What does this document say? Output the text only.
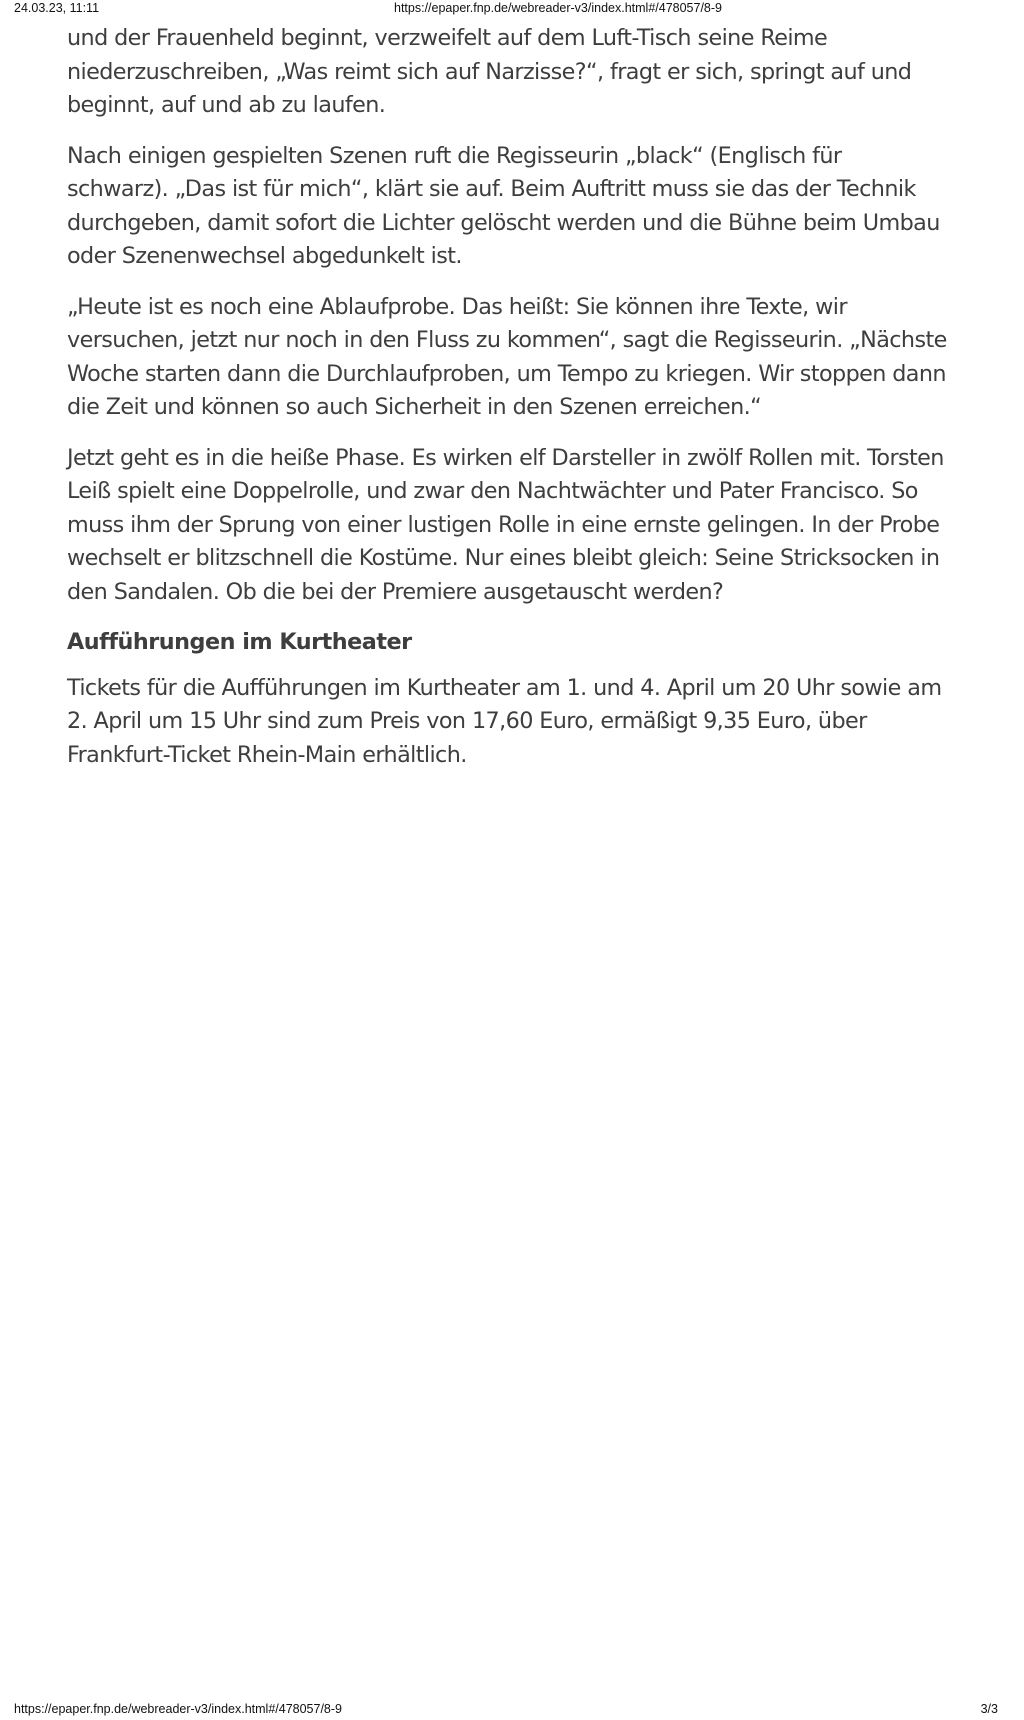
24.03.23, 11:11	https://epaper.fnp.de/webreader-v3/index.html#/478057/8-9

und der Frauenheld beginnt, verzweifelt auf dem Luft-Tisch seine Reime niederzuschreiben, „Was reimt sich auf Narzisse?“, fragt er sich, springt auf und beginnt, auf und ab zu laufen.

Nach einigen gespielten Szenen ruft die Regisseurin „black“ (Englisch für schwarz). „Das ist für mich“, klärt sie auf. Beim Auftritt muss sie das der Technik durchgeben, damit sofort die Lichter gelöscht werden und die Bühne beim Umbau oder Szenenwechsel abgedunkelt ist.

„Heute ist es noch eine Ablaufprobe. Das heißt: Sie können ihre Texte, wir versuchen, jetzt nur noch in den Fluss zu kommen“, sagt die Regisseurin. „Nächste Woche starten dann die Durchlaufproben, um Tempo zu kriegen. Wir stoppen dann die Zeit und können so auch Sicherheit in den Szenen erreichen.“

Jetzt geht es in die heiße Phase. Es wirken elf Darsteller in zwölf Rollen mit. Torsten Leiß spielt eine Doppelrolle, und zwar den Nachtwächter und Pater Francisco. So muss ihm der Sprung von einer lustigen Rolle in eine ernste gelingen. In der Probe wechselt er blitzschnell die Kostüme. Nur eines bleibt gleich: Seine Stricksocken in den Sandalen. Ob die bei der Premiere ausgetauscht werden?

Aufführungen im Kurtheater

Tickets für die Aufführungen im Kurtheater am 1. und 4. April um 20 Uhr sowie am 2. April um 15 Uhr sind zum Preis von 17,60 Euro, ermäßigt 9,35 Euro, über Frankfurt-Ticket Rhein-Main erhältlich.

https://epaper.fnp.de/webreader-v3/index.html#/478057/8-9	3/3
